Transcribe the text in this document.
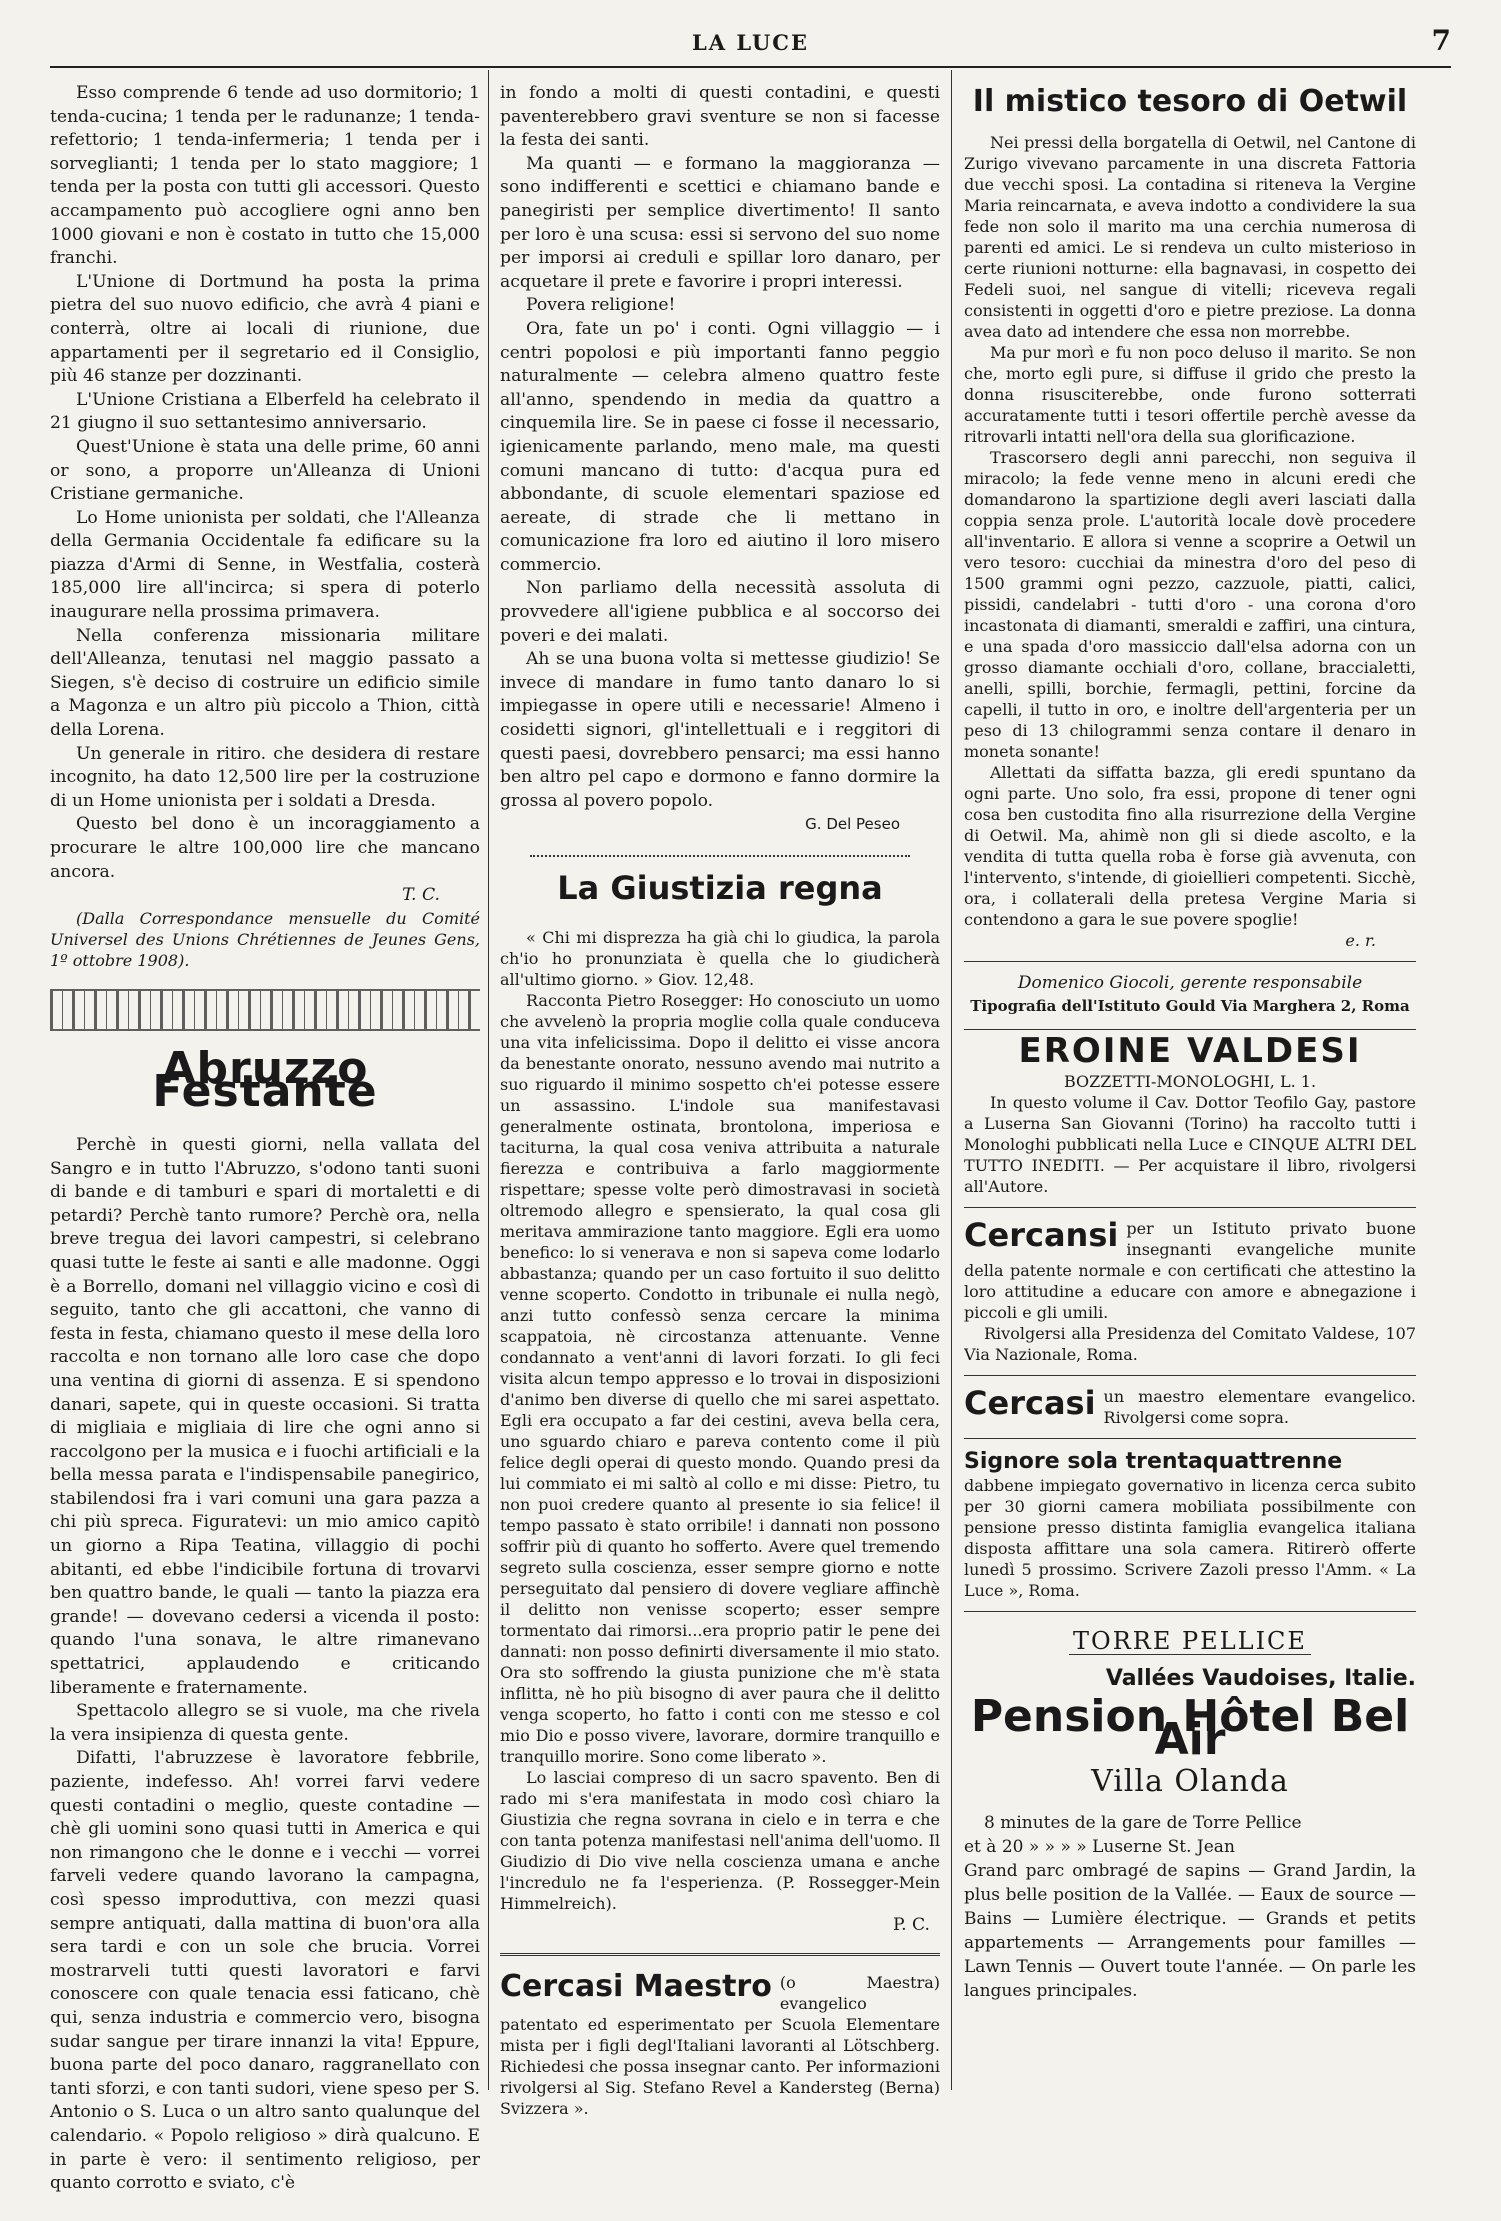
LA LUCE	7

Esso comprende 6 tende ad uso dormitorio; 1 tenda-cucina; 1 tenda per le radunanze; 1 tenda-refettorio; 1 tenda-infermeria; 1 tenda per i sorveglianti; 1 tenda per lo stato maggiore; 1 tenda per la posta con tutti gli accessori. Questo accampamento può accogliere ogni anno ben 1000 giovani e non è costato in tutto che 15,000 franchi.

L'Unione di Dortmund ha posta la prima pietra del suo nuovo edificio, che avrà 4 piani e conterrà, oltre ai locali di riunione, due appartamenti per il segretario ed il Consiglio, più 46 stanze per dozzinanti.

L'Unione Cristiana a Elberfeld ha celebrato il 21 giugno il suo settantesimo anniversario.

Quest'Unione è stata una delle prime, 60 anni or sono, a proporre un'Alleanza di Unioni Cristiane germaniche.

Lo Home unionista per soldati, che l'Alleanza della Germania Occidentale fa edificare su la piazza d'Armi di Senne, in Westfalia, costerà 185,000 lire all'incirca; si spera di poterlo inaugurare nella prossima primavera.

Nella conferenza missionaria militare dell'Alleanza, tenutasi nel maggio passato a Siegen, s'è deciso di costruire un edificio simile a Magonza e un altro più piccolo a Thion, città della Lorena.

Un generale in ritiro. che desidera di restare incognito, ha dato 12,500 lire per la costruzione di un Home unionista per i soldati a Dresda.

Questo bel dono è un incoraggiamento a procurare le altre 100,000 lire che mancano ancora.

T. C.

(Dalla Correspondance mensuelle du Comité Universel des Unions Chrétiennes de Jeunes Gens, 1º ottobre 1908).

Abruzzo Festante

Perchè in questi giorni, nella vallata del Sangro e in tutto l'Abruzzo, s'odono tanti suoni di bande e di tamburi e spari di mortaletti e di petardi? Perchè tanto rumore? Perchè ora, nella breve tregua dei lavori campestri, si celebrano quasi tutte le feste ai santi e alle madonne. Oggi è a Borrello, domani nel villaggio vicino e così di seguito, tanto che gli accattoni, che vanno di festa in festa, chiamano questo il mese della loro raccolta e non tornano alle loro case che dopo una ventina di giorni di assenza. E si spendono danari, sapete, qui in queste occasioni. Si tratta di migliaia e migliaia di lire che ogni anno si raccolgono per la musica e i fuochi artificiali e la bella messa parata e l'indispensabile panegirico, stabilendosi fra i vari comuni una gara pazza a chi più spreca. Figuratevi: un mio amico capitò un giorno a Ripa Teatina, villaggio di pochi abitanti, ed ebbe l'indicibile fortuna di trovarvi ben quattro bande, le quali — tanto la piazza era grande! — dovevano cedersi a vicenda il posto: quando l'una sonava, le altre rimanevano spettatrici, applaudendo e criticando liberamente e fraternamente.

Spettacolo allegro se si vuole, ma che rivela la vera insipienza di questa gente.

Difatti, l'abruzzese è lavoratore febbrile, paziente, indefesso. Ah! vorrei farvi vedere questi contadini o meglio, queste contadine — chè gli uomini sono quasi tutti in America e qui non rimangono che le donne e i vecchi — vorrei farveli vedere quando lavorano la campagna, così spesso improduttiva, con mezzi quasi sempre antiquati, dalla mattina di buon'ora alla sera tardi e con un sole che brucia. Vorrei mostrarveli tutti questi lavoratori e farvi conoscere con quale tenacia essi faticano, chè qui, senza industria e commercio vero, bisogna sudar sangue per tirare innanzi la vita! Eppure, buona parte del poco danaro, raggranellato con tanti sforzi, e con tanti sudori, viene speso per S. Antonio o S. Luca o un altro santo qualunque del calendario. « Popolo religioso » dirà qualcuno. E in parte è vero: il sentimento religioso, per quanto corrotto e sviato, c'è

in fondo a molti di questi contadini, e questi paventerebbero gravi sventure se non si facesse la festa dei santi.

Ma quanti — e formano la maggioranza — sono indifferenti e scettici e chiamano bande e panegiristi per semplice divertimento! Il santo per loro è una scusa: essi si servono del suo nome per imporsi ai creduli e spillar loro danaro, per acquetare il prete e favorire i propri interessi.

Povera religione!

Ora, fate un po' i conti. Ogni villaggio — i centri popolosi e più importanti fanno peggio naturalmente — celebra almeno quattro feste all'anno, spendendo in media da quattro a cinquemila lire. Se in paese ci fosse il necessario, igienicamente parlando, meno male, ma questi comuni mancano di tutto: d'acqua pura ed abbondante, di scuole elementari spaziose ed aereate, di strade che li mettano in comunicazione fra loro ed aiutino il loro misero commercio.

Non parliamo della necessità assoluta di provvedere all'igiene pubblica e al soccorso dei poveri e dei malati.

Ah se una buona volta si mettesse giudizio! Se invece di mandare in fumo tanto danaro lo si impiegasse in opere utili e necessarie! Almeno i cosidetti signori, gl'intellettuali e i reggitori di questi paesi, dovrebbero pensarci; ma essi hanno ben altro pel capo e dormono e fanno dormire la grossa al povero popolo.

G. Del Peseo
La Giustizia regna

« Chi mi disprezza ha già chi lo giudica, la parola ch'io ho pronunziata è quella che lo giudicherà all'ultimo giorno. » Giov. 12,48.

Racconta Pietro Rosegger: Ho conosciuto un uomo che avvelenò la propria moglie colla quale conduceva una vita infelicissima. Dopo il delitto ei visse ancora da benestante onorato, nessuno avendo mai nutrito a suo riguardo il minimo sospetto ch'ei potesse essere un assassino. L'indole sua manifestavasi generalmente ostinata, brontolona, imperiosa e taciturna, la qual cosa veniva attribuita a naturale fierezza e contribuiva a farlo maggiormente rispettare; spesse volte però dimostravasi in società oltremodo allegro e spensierato, la qual cosa gli meritava ammirazione tanto maggiore. Egli era uomo benefico: lo si venerava e non si sapeva come lodarlo abbastanza; quando per un caso fortuito il suo delitto venne scoperto. Condotto in tribunale ei nulla negò, anzi tutto confessò senza cercare la minima scappatoia, nè circostanza attenuante. Venne condannato a vent'anni di lavori forzati. Io gli feci visita alcun tempo appresso e lo trovai in disposizioni d'animo ben diverse di quello che mi sarei aspettato. Egli era occupato a far dei cestini, aveva bella cera, uno sguardo chiaro e pareva contento come il più felice degli operai di questo mondo. Quando presi da lui commiato ei mi saltò al collo e mi disse: Pietro, tu non puoi credere quanto al presente io sia felice! il tempo passato è stato orribile! i dannati non possono soffrir più di quanto ho sofferto. Avere quel tremendo segreto sulla coscienza, esser sempre giorno e notte perseguitato dal pensiero di dovere vegliare affinchè il delitto non venisse scoperto; esser sempre tormentato dai rimorsi...era proprio patir le pene dei dannati: non posso definirti diversamente il mio stato. Ora sto soffrendo la giusta punizione che m'è stata inflitta, nè ho più bisogno di aver paura che il delitto venga scoperto, ho fatto i conti con me stesso e col mio Dio e posso vivere, lavorare, dormire tranquillo e tranquillo morire. Sono come liberato ».

Lo lasciai compreso di un sacro spavento. Ben di rado mi s'era manifestata in modo così chiaro la Giustizia che regna sovrana in cielo e in terra e che con tanta potenza manifestasi nell'anima dell'uomo. Il Giudizio di Dio vive nella coscienza umana e anche l'incredulo ne fa l'esperienza. (P. Rossegger-Mein Himmelreich).

P. C.
Cercasi Maestro (o Maestra) evangelico patentato ed esperimentato per Scuola Elementare mista per i figli degl'Italiani lavoranti al Lötschberg. Richiedesi che possa insegnar canto. Per informazioni rivolgersi al Sig. Stefano Revel a Kandersteg (Berna) Svizzera ».
Il mistico tesoro di Oetwil

Nei pressi della borgatella di Oetwil, nel Cantone di Zurigo vivevano parcamente in una discreta Fattoria due vecchi sposi. La contadina si riteneva la Vergine Maria reincarnata, e aveva indotto a condividere la sua fede non solo il marito ma una cerchia numerosa di parenti ed amici. Le si rendeva un culto misterioso in certe riunioni notturne: ella bagnavasi, in cospetto dei Fedeli suoi, nel sangue di vitelli; riceveva regali consistenti in oggetti d'oro e pietre preziose. La donna avea dato ad intendere che essa non morrebbe.

Ma pur morì e fu non poco deluso il marito. Se non che, morto egli pure, si diffuse il grido che presto la donna risusciterebbe, onde furono sotterrati accuratamente tutti i tesori offertile perchè avesse da ritrovarli intatti nell'ora della sua glorificazione.

Trascorsero degli anni parecchi, non seguiva il miracolo; la fede venne meno in alcuni eredi che domandarono la spartizione degli averi lasciati dalla coppia senza prole. L'autorità locale dovè procedere all'inventario. E allora si venne a scoprire a Oetwil un vero tesoro: cucchiai da minestra d'oro del peso di 1500 grammi ogni pezzo, cazzuole, piatti, calici, pissidi, candelabri - tutti d'oro - una corona d'oro incastonata di diamanti, smeraldi e zaffiri, una cintura, e una spada d'oro massiccio dall'elsa adorna con un grosso diamante occhiali d'oro, collane, braccialetti, anelli, spilli, borchie, fermagli, pettini, forcine da capelli, il tutto in oro, e inoltre dell'argenteria per un peso di 13 chilogrammi senza contare il denaro in moneta sonante!

Allettati da siffatta bazza, gli eredi spuntano da ogni parte. Uno solo, fra essi, propone di tener ogni cosa ben custodita fino alla risurrezione della Vergine di Oetwil. Ma, ahimè non gli si diede ascolto, e la vendita di tutta quella roba è forse già avvenuta, con l'intervento, s'intende, di gioiellieri competenti. Sicchè, ora, i collaterali della pretesa Vergine Maria si contendono a gara le sue povere spoglie!

e. r.
Domenico Giocoli, gerente responsabile
Tipografia dell'Istituto Gould Via Marghera 2, Roma
EROINE VALDESI
BOZZETTI-MONOLOGHI, L. 1.

In questo volume il Cav. Dottor Teofilo Gay, pastore a Luserna San Giovanni (Torino) ha raccolto tutti i Monologhi pubblicati nella Luce e CINQUE ALTRI DEL TUTTO INEDITI. — Per acquistare il libro, rivolgersi all'Autore.

Cercansi per un Istituto privato buone insegnanti evangeliche munite della patente normale e con certificati che attestino la loro attitudine a educare con amore e abnegazione i piccoli e gli umili.
Rivolgersi alla Presidenza del Comitato Valdese, 107 Via Nazionale, Roma.
Cercasi un maestro elementare evangelico. Rivolgersi come sopra.
Signore sola trentaquattrenne
dabbene impiegato governativo in licenza cerca subito per 30 giorni camera mobiliata possibilmente con pensione presso distinta famiglia evangelica italiana disposta affittare una sola camera. Ritirerò offerte lunedì 5 prossimo. Scrivere Zazoli presso l'Amm. « La Luce », Roma.
TORRE PELLICE
Vallées Vaudoises, Italie.
Pension Hôtel Bel Air
Villa Olanda
8 minutes de la gare de Torre Pellice
et à 20 » » » » Luserne St. Jean
Grand parc ombragé de sapins — Grand Jardin, la plus belle position de la Vallée. — Eaux de source — Bains — Lumière électrique. — Grands et petits appartements — Arrangements pour familles — Lawn Tennis — Ouvert toute l'année. — On parle les langues principales.
